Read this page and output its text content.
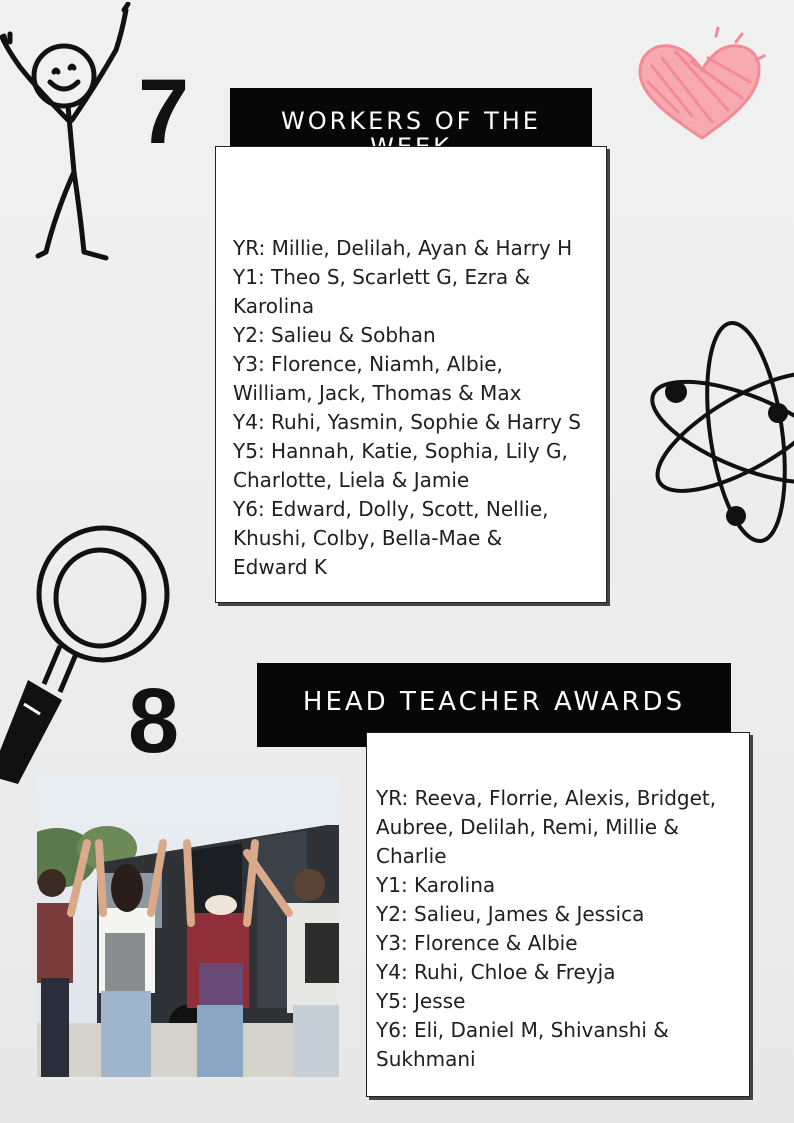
7	WORKERS OF THE
YR: Millie, Delilah, Ayan & Harry H
Y1: Theo S, Scarlett G, Ezra &
Karolina
Y2: Salieu & Sobhan
Y3: Florence, Niamh, Albie,
William, Jack, Thomas & Max
Y4: Ruhi, Yasmin, Sophie & Harry S
Y5: Hannah, Katie, Sophia, Lily G,
Charlotte, Liela & Jamie
Y6: Edward, Dolly, Scott, Nellie,
Khushi, Colby, Bella-Mae &
Edward K
8	HEAD TEACHER AWARDS
YR: Reeva, Florrie, Alexis, Bridget,
Aubree, Delilah, Remi, Millie &
Charlie
Y1: Karolina
Y2: Salieu, James & Jessica
Y3: Florence & Albie
Y4: Ruhi, Chloe & Freyja
Y5: Jesse
Y6: Eli, Daniel M, Shivanshi &
Sukhmani
